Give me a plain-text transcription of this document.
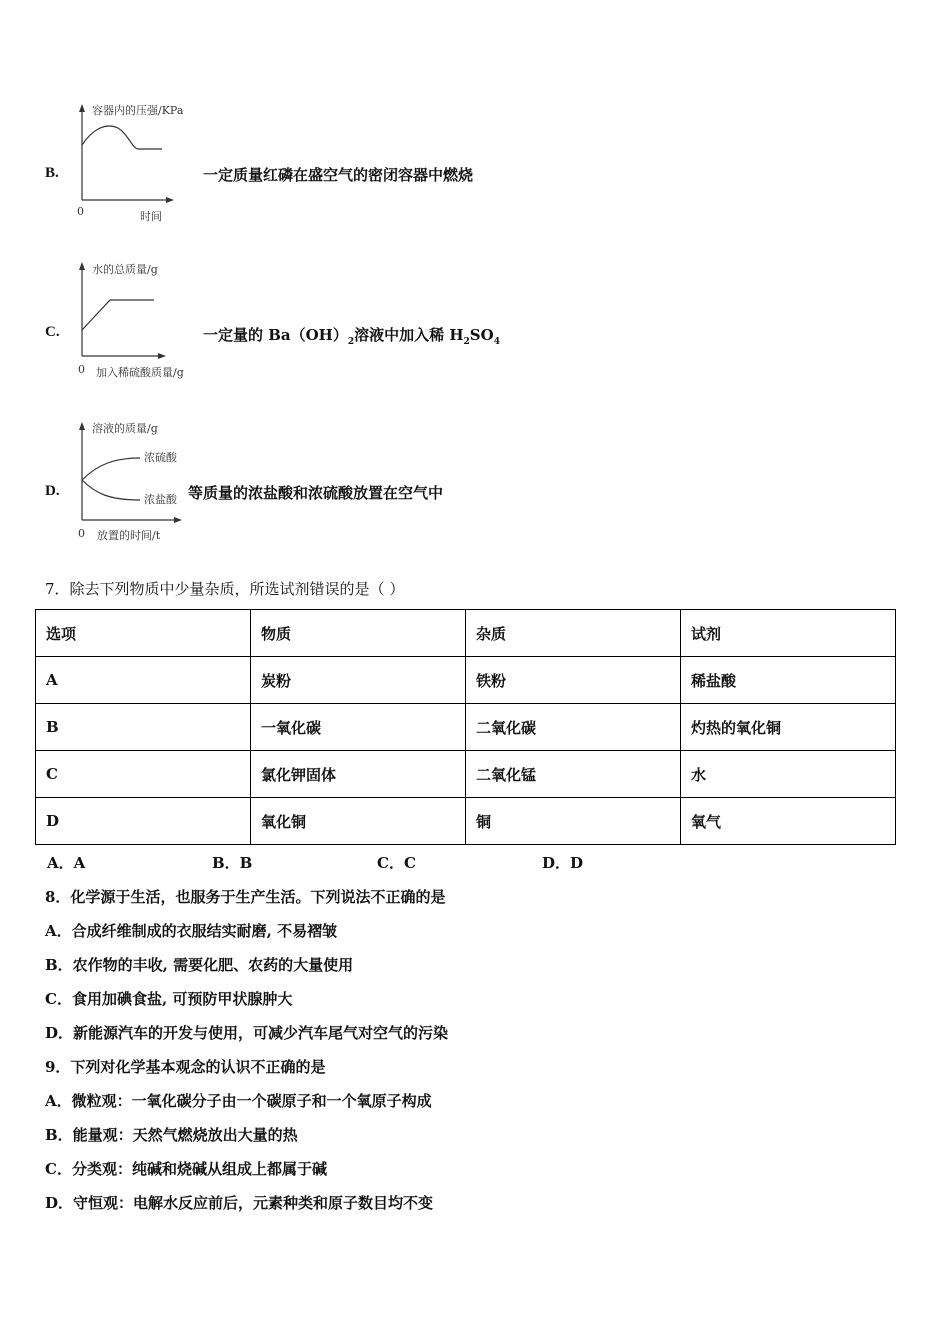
B.
容器内的压强/KPa
0	时间
一定质量红磷在盛空气的密闭容器中燃烧
C.
水的总质量/g
0 加入稀硫酸质量/g
一定量的 $Ba(OH)_2$溶液中加入稀 $H_2SO_4$
D.
溶液的质量/g
浓硫酸
浓盐酸
0 放置的时间/t
等质量的浓盐酸和浓硫酸放置在空气中
7．除去下列物质中少量杂质，所选试剂错误的是（ ）
选项	物质	杂质	试剂
A	炭粉	铁粉	稀盐酸
B	一氧化碳	二氧化碳	灼热的氧化铜
C	氯化钾固体	二氧化锰	水
D	氧化铜	铜	氧气
A．A	B．B	C．C	D．D
8．化学源于生活，也服务于生产生活。下列说法不正确的是
A．合成纤维制成的衣服结实耐磨, 不易褶皱
B．农作物的丰收, 需要化肥、农药的大量使用
C．食用加碘食盐, 可预防甲状腺肿大
D．新能源汽车的开发与使用，可减少汽车尾气对空气的污染
9．下列对化学基本观念的认识不正确的是
A．微粒观：一氧化碳分子由一个碳原子和一个氧原子构成
B．能量观：天然气燃烧放出大量的热
C．分类观：纯碱和烧碱从组成上都属于碱
D．守恒观：电解水反应前后，元素种类和原子数目均不变
